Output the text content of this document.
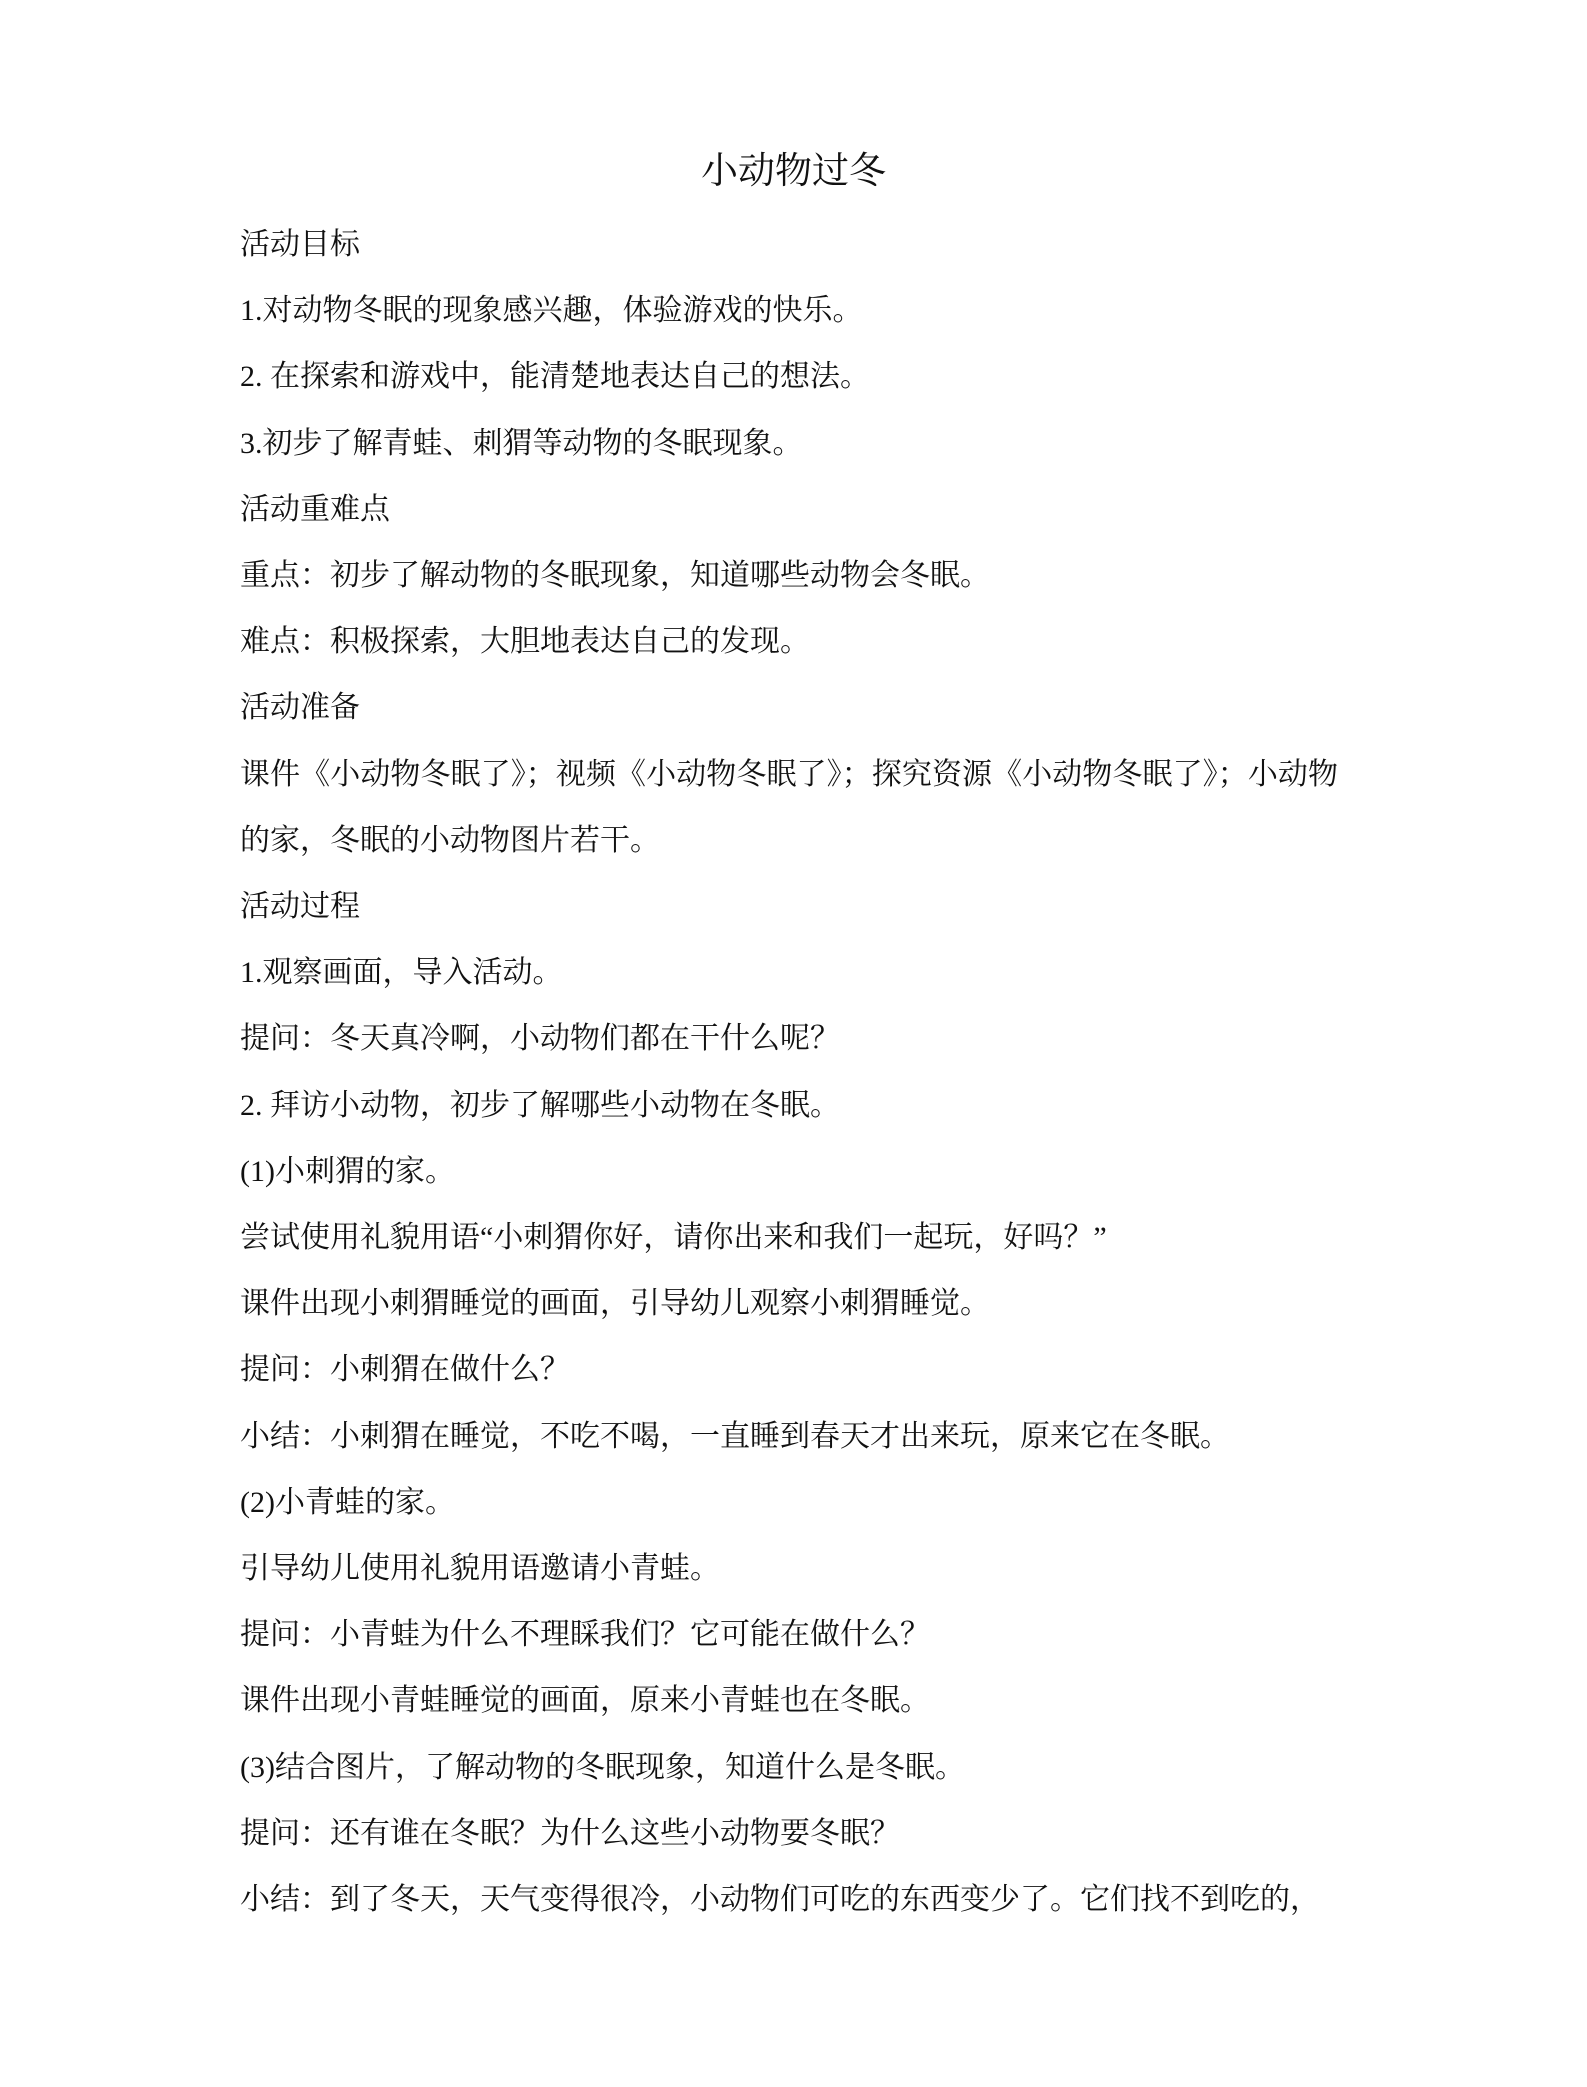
小动物过冬

活动目标

1.对动物冬眠的现象感兴趣，体验游戏的快乐。

2. 在探索和游戏中，能清楚地表达自己的想法。

3.初步了解青蛙、刺猬等动物的冬眠现象。

活动重难点

重点：初步了解动物的冬眠现象，知道哪些动物会冬眠。

难点：积极探索，大胆地表达自己的发现。

活动准备

课件《小动物冬眠了》；视频《小动物冬眠了》；探究资源《小动物冬眠了》；小动物的家，冬眠的小动物图片若干。

活动过程

1.观察画面，导入活动。

提问：冬天真冷啊，小动物们都在干什么呢？

2. 拜访小动物，初步了解哪些小动物在冬眠。

(1)小刺猬的家。

尝试使用礼貌用语“小刺猬你好，请你出来和我们一起玩，好吗？”

课件出现小刺猬睡觉的画面，引导幼儿观察小刺猬睡觉。

提问：小刺猬在做什么？

小结：小刺猬在睡觉，不吃不喝，一直睡到春天才出来玩，原来它在冬眠。

(2)小青蛙的家。

引导幼儿使用礼貌用语邀请小青蛙。

提问：小青蛙为什么不理睬我们？它可能在做什么？

课件出现小青蛙睡觉的画面，原来小青蛙也在冬眠。

(3)结合图片，了解动物的冬眠现象，知道什么是冬眠。

提问：还有谁在冬眠？为什么这些小动物要冬眠？

小结：到了冬天，天气变得很冷，小动物们可吃的东西变少了。它们找不到吃的，
